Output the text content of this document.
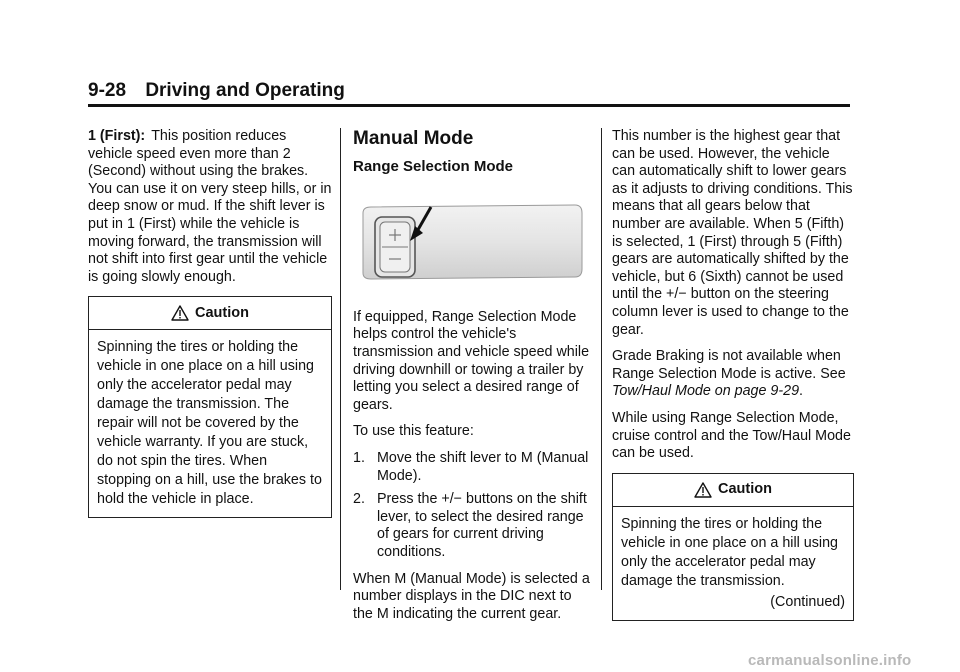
9-28 Driving and Operating

1 (First): This position reduces vehicle speed even more than 2 (Second) without using the brakes. You can use it on very steep hills, or in deep snow or mud. If the shift lever is put in 1 (First) while the vehicle is moving forward, the transmission will not shift into first gear until the vehicle is going slowly enough.

Caution
Spinning the tires or holding the vehicle in one place on a hill using only the accelerator pedal may damage the transmission. The repair will not be covered by the vehicle warranty. If you are stuck, do not spin the tires. When stopping on a hill, use the brakes to hold the vehicle in place.
Manual Mode
Range Selection Mode

If equipped, Range Selection Mode helps control the vehicle's transmission and vehicle speed while driving downhill or towing a trailer by letting you select a desired range of gears.

To use this feature:

1. Move the shift lever to M (Manual Mode).
2. Press the +/− buttons on the shift lever, to select the desired range of gears for current driving conditions.

When M (Manual Mode) is selected a number displays in the DIC next to the M indicating the current gear.

This number is the highest gear that can be used. However, the vehicle can automatically shift to lower gears as it adjusts to driving conditions. This means that all gears below that number are available. When 5 (Fifth) is selected, 1 (First) through 5 (Fifth) gears are automatically shifted by the vehicle, but 6 (Sixth) cannot be used until the +/− button on the steering column lever is used to change to the gear.

Grade Braking is not available when Range Selection Mode is active. See Tow/Haul Mode on page 9‑29.

While using Range Selection Mode, cruise control and the Tow/Haul Mode can be used.

Caution
Spinning the tires or holding the vehicle in one place on a hill using only the accelerator pedal may damage the transmission.
(Continued)
carmanualsonline.info
